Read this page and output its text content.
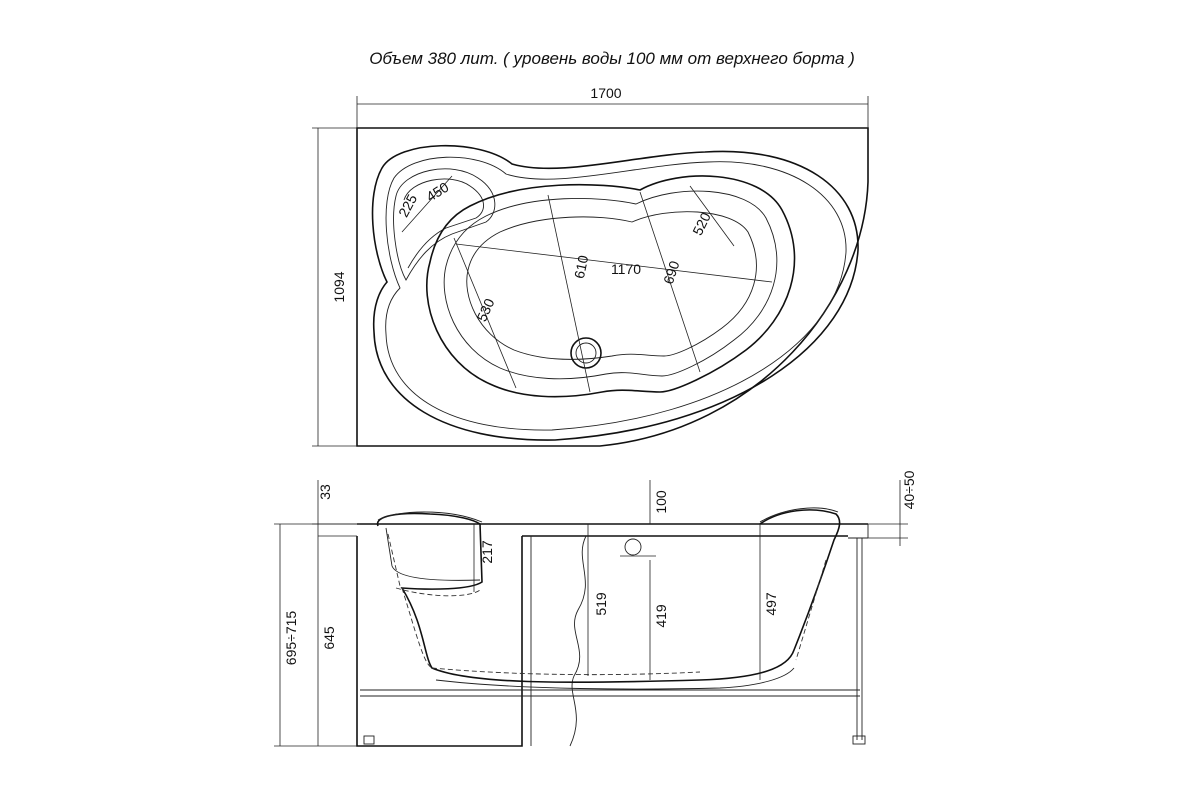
Объем 380 лит. ( уровень воды 100 мм от верхнего борта )
1700
1094
225 450
610 1170 690
520
530
33	100	40÷50
217
519
419
497
645
695÷715
